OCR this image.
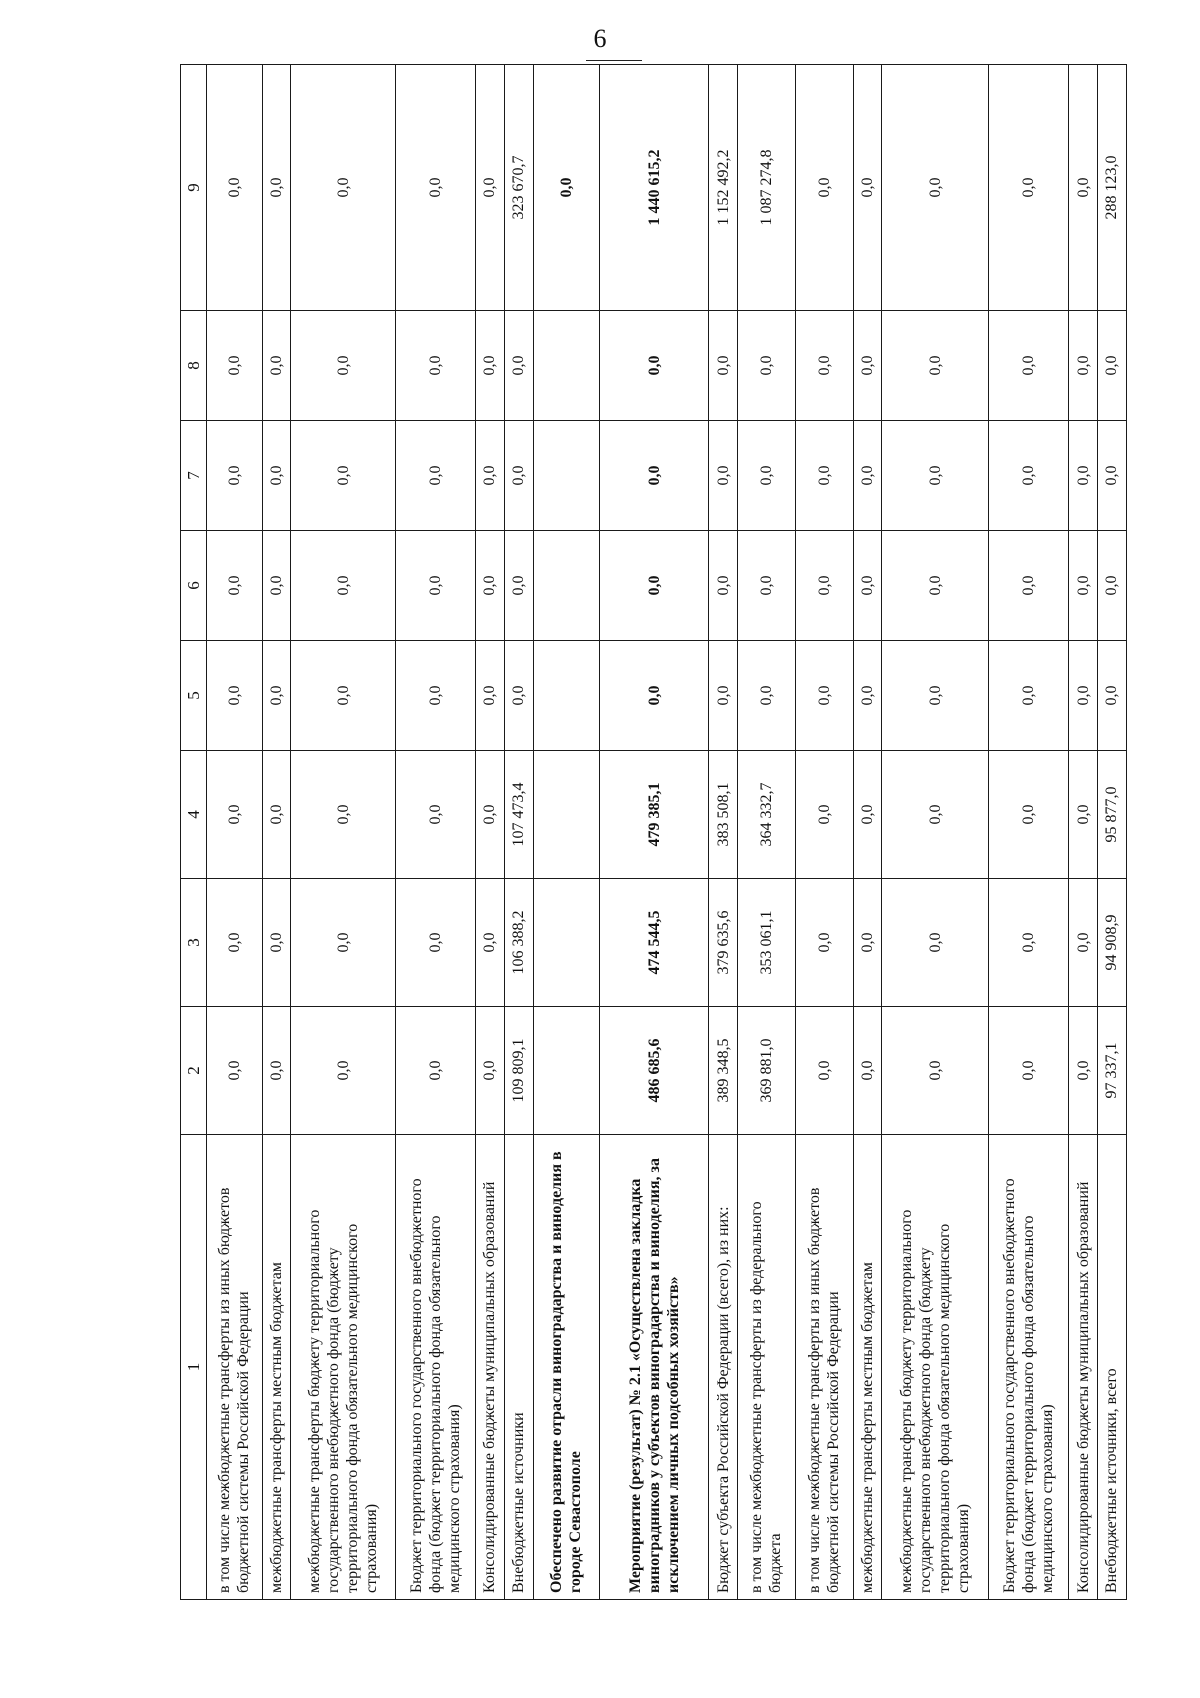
6
1	2	3	4	5	6	7	8	9
в том числе межбюджетные трансферты из иных бюджетов бюджетной системы Российской Федерации	0,0	0,0	0,0	0,0	0,0	0,0	0,0	0,0
межбюджетные трансферты местным бюджетам	0,0	0,0	0,0	0,0	0,0	0,0	0,0	0,0
межбюджетные трансферты бюджету территориального государственного внебюджетного фонда (бюджету территориального фонда обязательного медицинского страхования)	0,0	0,0	0,0	0,0	0,0	0,0	0,0	0,0
Бюджет территориального государственного внебюджетного фонда (бюджет территориального фонда обязательного медицинского страхования)	0,0	0,0	0,0	0,0	0,0	0,0	0,0	0,0
Консолидированные бюджеты муниципальных образований	0,0	0,0	0,0	0,0	0,0	0,0	0,0	0,0
Внебюджетные источники	109 809,1	106 388,2	107 473,4	0,0	0,0	0,0	0,0	323 670,7
Обеспечено развитие отрасли виноградарства и виноделия в городе Севастополе								0,0
Мероприятие (результат) № 2.1 «Осуществлена закладка виноградников у субъектов виноградарства и виноделия, за исключением личных подсобных хозяйств»	486 685,6	474 544,5	479 385,1	0,0	0,0	0,0	0,0	1 440 615,2
Бюджет субъекта Российской Федерации (всего), из них:	389 348,5	379 635,6	383 508,1	0,0	0,0	0,0	0,0	1 152 492,2
в том числе межбюджетные трансферты из федерального бюджета	369 881,0	353 061,1	364 332,7	0,0	0,0	0,0	0,0	1 087 274,8
в том числе межбюджетные трансферты из иных бюджетов бюджетной системы Российской Федерации	0,0	0,0	0,0	0,0	0,0	0,0	0,0	0,0
межбюджетные трансферты местным бюджетам	0,0	0,0	0,0	0,0	0,0	0,0	0,0	0,0
межбюджетные трансферты бюджету территориального государственного внебюджетного фонда (бюджету территориального фонда обязательного медицинского страхования)	0,0	0,0	0,0	0,0	0,0	0,0	0,0	0,0
Бюджет территориального государственного внебюджетного фонда (бюджет территориального фонда обязательного медицинского страхования)	0,0	0,0	0,0	0,0	0,0	0,0	0,0	0,0
Консолидированные бюджеты муниципальных образований	0,0	0,0	0,0	0,0	0,0	0,0	0,0	0,0
Внебюджетные источники, всего	97 337,1	94 908,9	95 877,0	0,0	0,0	0,0	0,0	288 123,0
